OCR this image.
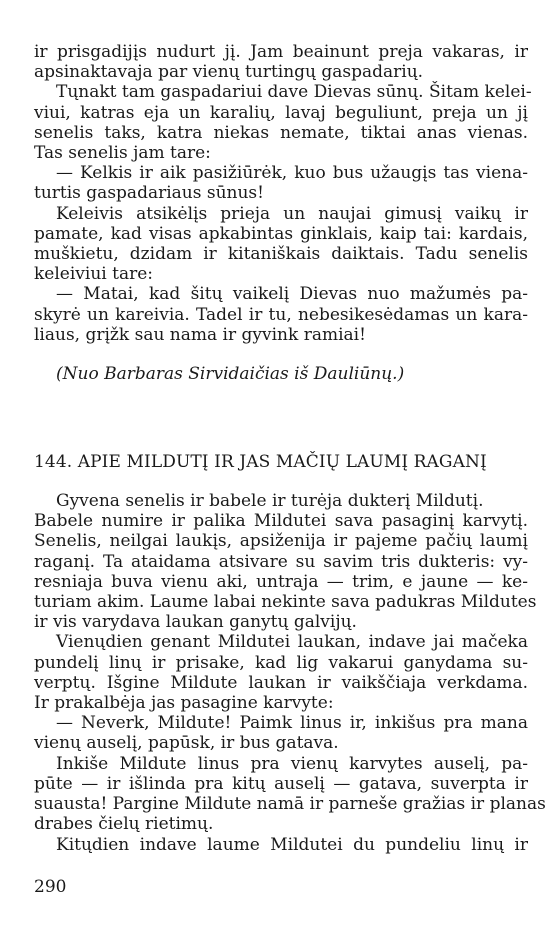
ir prisgadijįs nudurt jį. Jam beainunt preja vakaras, ir
apsinaktavaja par vienų turtingų gaspadarių.
Tųnakt tam gaspadariui dave Dievas sūnų. Šitam kelei-
viui, katras eja un karalių, lavaj beguliunt, preja un jį
senelis taks, katra niekas nemate, tiktai anas vienas.
Tas senelis jam tare:
— Kelkis ir aik pasižiūrėk, kuo bus užaugįs tas viena-
turtis gaspadariaus sūnus!
Keleivis atsikėlįs prieja un naujai gimusį vaikų ir
pamate, kad visas apkabintas ginklais, kaip tai: kardais,
muškietu, dzidam ir kitaniškais daiktais. Tadu senelis
keleiviui tare:
— Matai, kad šitų vaikelį Dievas nuo mažumės pa-
skyrė un kareivia. Tadel ir tu, nebesikesėdamas un kara-
liaus, grįžk sau nama ir gyvink ramiai!
(Nuo Barbaras Sirvidaičias iš Dauliūnų.)
144. APIE MILDUTĮ IR JAS MAČIŲ LAUMĮ RAGANĮ
Gyvena senelis ir babele ir turėja dukterį Mildutį.
Babele numire ir palika Mildutei sava pasaginį karvytį.
Senelis, neilgai laukįs, apsiženija ir pajeme pačių laumį
raganį. Ta ataidama atsivare su savim tris dukteris: vy-
resniaja buva vienu aki, untraja — trim, e jaune — ke-
turiam akim. Laume labai nekinte sava padukras Mildutes
ir vis varydava laukan ganytų galvijų.
Vienųdien genant Mildutei laukan, indave jai mačeka
pundelį linų ir prisake, kad lig vakarui ganydama su-
verptų. Išgine Mildute laukan ir vaikščiaja verkdama.
Ir prakalbėja jas pasagine karvyte:
— Neverk, Mildute! Paimk linus ir, inkišus pra mana
vienų auselį, papūsk, ir bus gatava.
Inkiše Mildute linus pra vienų karvytes auselį, pa-
pūte — ir išlinda pra kitų auselį — gatava, suverpta ir
suausta! Pargine Mildute namā ir parneše gražias ir planas
drabes čielų rietimų.
Kitųdien indave laume Mildutei du pundeliu linų ir
290
